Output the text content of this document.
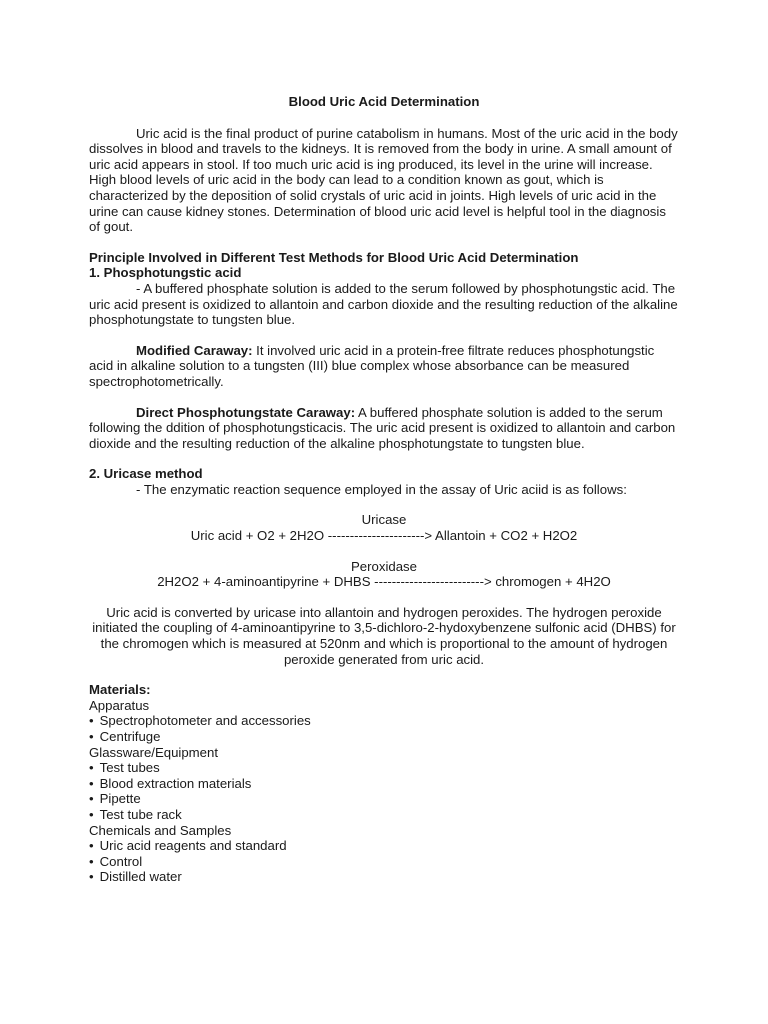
Blood Uric Acid Determination

Uric acid is the final product of purine catabolism in humans. Most of the uric acid in the body dissolves in blood and travels to the kidneys. It is removed from the body in urine. A small amount of uric acid appears in stool. If too much uric acid is ing produced, its level in the urine will increase. High blood levels of uric acid in the body can lead to a condition known as gout, which is characterized by the deposition of solid crystals of uric acid in joints. High levels of uric acid in the urine can cause kidney stones. Determination of blood uric acid level is helpful tool in the diagnosis of gout.

Principle Involved in Different Test Methods for Blood Uric Acid Determination

1. Phosphotungstic acid

- A buffered phosphate solution is added to the serum followed by phosphotungstic acid. The uric acid present is oxidized to allantoin and carbon dioxide and the resulting reduction of the alkaline phosphotungstate to tungsten blue.

Modified Caraway: It involved uric acid in a protein-free filtrate reduces phosphotungstic acid in alkaline solution to a tungsten (III) blue complex whose absorbance can be measured spectrophotometrically.

Direct Phosphotungstate Caraway: A buffered phosphate solution is added to the serum following the ddition of phosphotungsticacis. The uric acid present is oxidized to allantoin and carbon dioxide and the resulting reduction of the alkaline phosphotungstate to tungsten blue.

2. Uricase method

- The enzymatic reaction sequence employed in the assay of Uric aciid is as follows:

Uricase

Uric acid + O2 + 2H2O ----------------------> Allantoin + CO2 + H2O2

Peroxidase

2H2O2 + 4-aminoantipyrine + DHBS -------------------------> chromogen + 4H2O

Uric acid is converted by uricase into allantoin and hydrogen peroxides. The hydrogen peroxide initiated the coupling of 4-aminoantipyrine to 3,5-dichloro-2-hydoxybenzene sulfonic acid (DHBS) for the chromogen which is measured at 520nm and which is proportional to the amount of hydrogen peroxide generated from uric acid.

Materials:

Apparatus

• Spectrophotometer and accessories

• Centrifuge

Glassware/Equipment

• Test tubes

• Blood extraction materials

• Pipette

• Test tube rack

Chemicals and Samples

• Uric acid reagents and standard

• Control

• Distilled water
